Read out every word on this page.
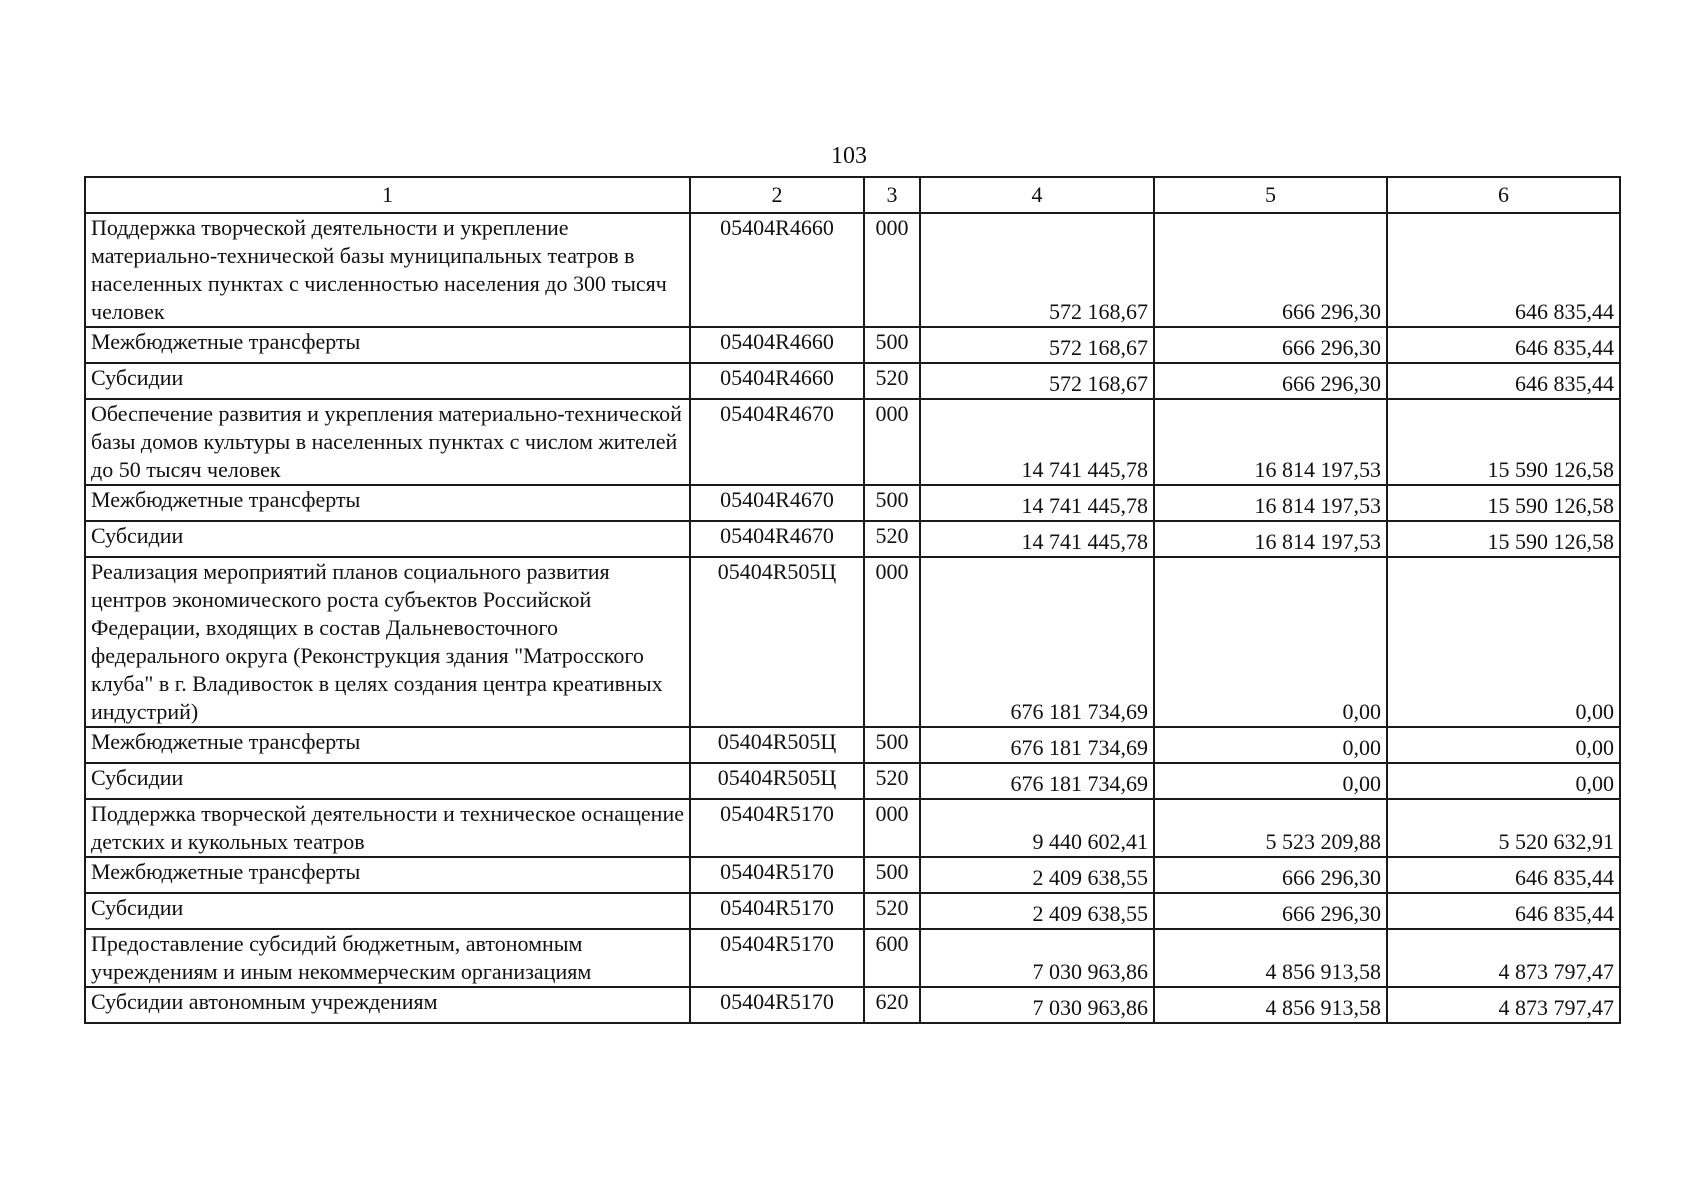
103
1	2	3	4	5	6
Поддержка творческой деятельности и укрепление материально-технической базы муниципальных театров в населенных пунктах с численностью населения до 300 тысяч человек	05404R4660	000	572 168,67	666 296,30	646 835,44
Межбюджетные трансферты	05404R4660	500	572 168,67	666 296,30	646 835,44
Субсидии	05404R4660	520	572 168,67	666 296,30	646 835,44
Обеспечение развития и укрепления материально-технической базы домов культуры в населенных пунктах с числом жителей до 50 тысяч человек	05404R4670	000	14 741 445,78	16 814 197,53	15 590 126,58
Межбюджетные трансферты	05404R4670	500	14 741 445,78	16 814 197,53	15 590 126,58
Субсидии	05404R4670	520	14 741 445,78	16 814 197,53	15 590 126,58
Реализация мероприятий планов социального развития центров экономического роста субъектов Российской Федерации, входящих в состав Дальневосточного федерального округа (Реконструкция здания "Матросского клуба" в г. Владивосток в целях создания центра креативных индустрий)	05404R505Ц	000	676 181 734,69	0,00	0,00
Межбюджетные трансферты	05404R505Ц	500	676 181 734,69	0,00	0,00
Субсидии	05404R505Ц	520	676 181 734,69	0,00	0,00
Поддержка творческой деятельности и техническое оснащение детских и кукольных театров	05404R5170	000	9 440 602,41	5 523 209,88	5 520 632,91
Межбюджетные трансферты	05404R5170	500	2 409 638,55	666 296,30	646 835,44
Субсидии	05404R5170	520	2 409 638,55	666 296,30	646 835,44
Предоставление субсидий бюджетным, автономным учреждениям и иным некоммерческим организациям	05404R5170	600	7 030 963,86	4 856 913,58	4 873 797,47
Субсидии автономным учреждениям	05404R5170	620	7 030 963,86	4 856 913,58	4 873 797,47
